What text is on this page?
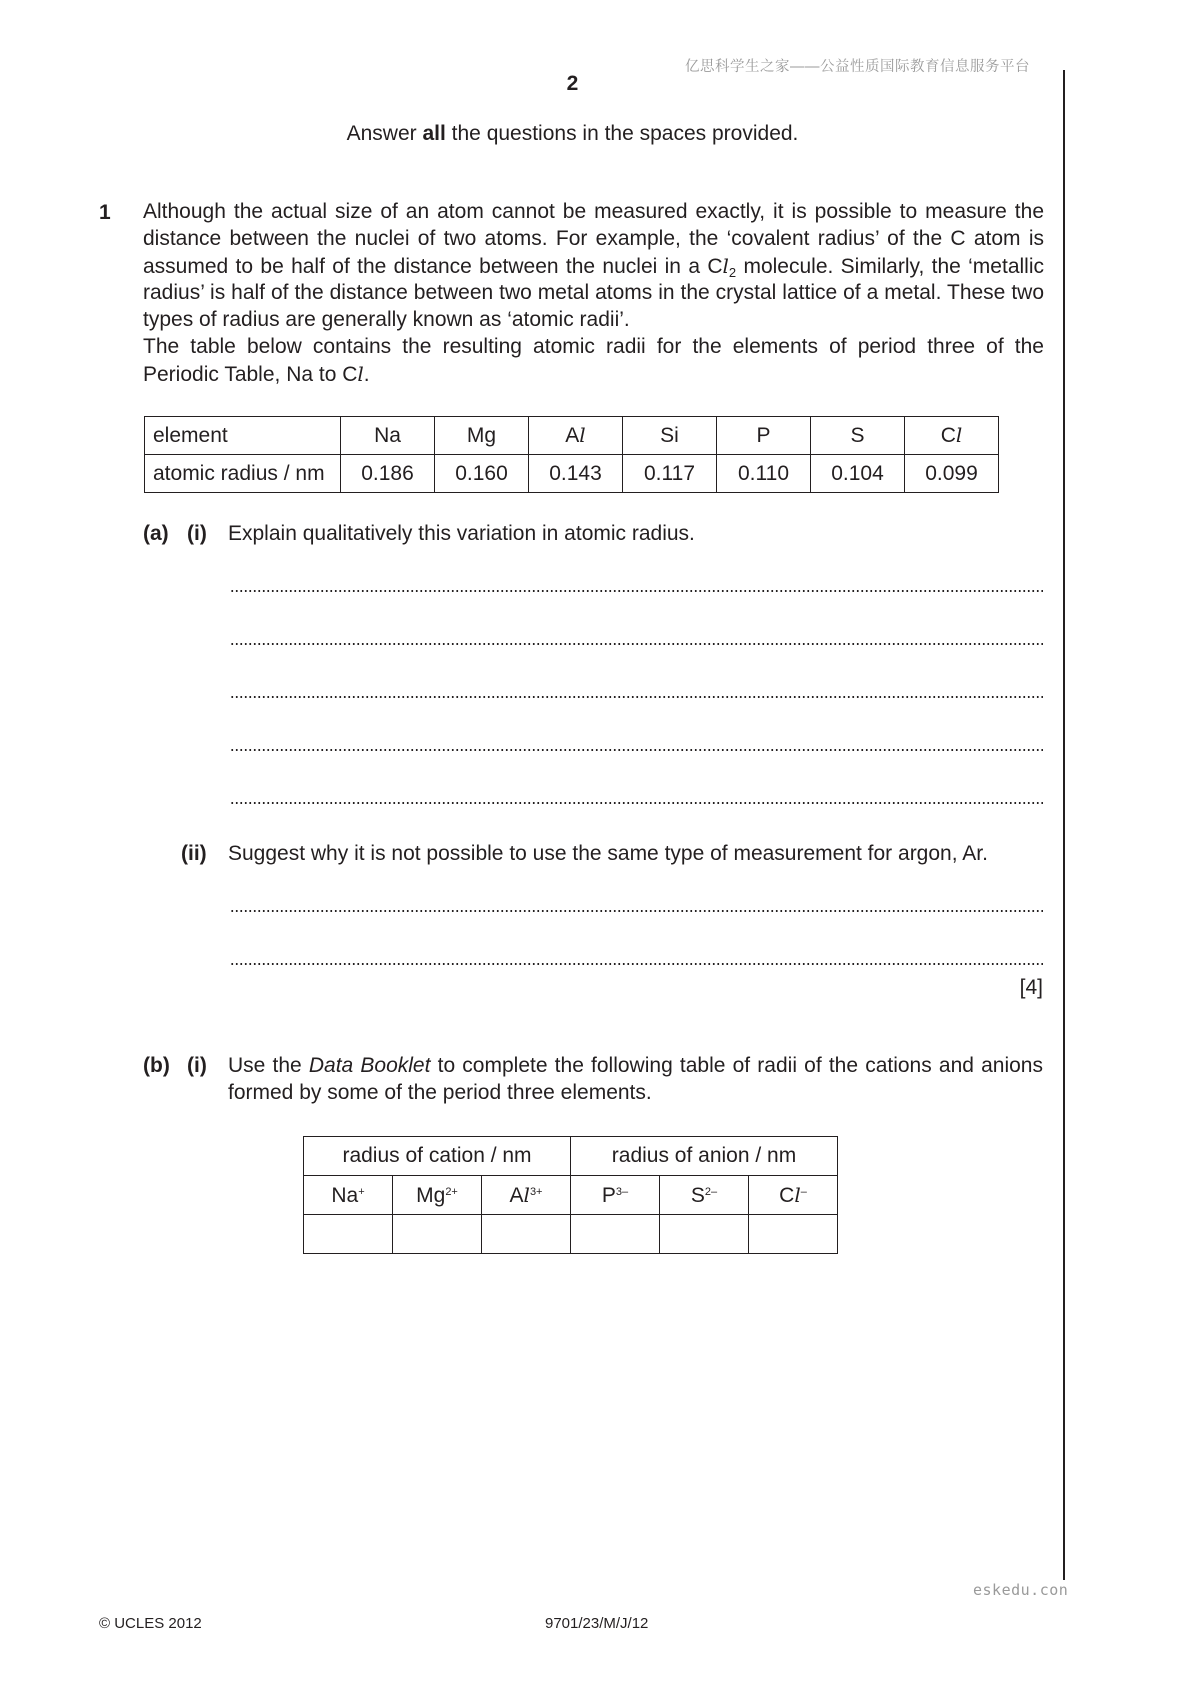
亿思科学生之家——公益性质国际教育信息服务平台
2
Answer all the questions in the spaces provided.
1 Although the actual size of an atom cannot be measured exactly, it is possible to measure the distance between the nuclei of two atoms. For example, the ‘covalent radius’ of the C atom is assumed to be half of the distance between the nuclei in a $Cl_2$ molecule. Similarly, the ‘metallic radius’ is half of the distance between two metal atoms in the crystal lattice of a metal. These two types of radius are generally known as ‘atomic radii’.

The table below contains the resulting atomic radii for the elements of period three of the Periodic Table, Na to Cl.

element	Na	Mg	Al	Si	P	S	Cl
atomic radius / nm	0.186	0.160	0.143	0.117	0.110	0.104	0.099
(a) (i) Explain qualitatively this variation in atomic radius.
(ii) Suggest why it is not possible to use the same type of measurement for argon, Ar.
[4]
(b) (i) Use the Data Booklet to complete the following table of radii of the cations and anions formed by some of the period three elements.
radius of cation / nm			radius of anion / nm		
Na+	$Mg^{2+}$	$Al^{3+}$	$P^{3-}$	$S^{2-}$	Cl–

eskedu.con
© UCLES 2012	9701/23/M/J/12
